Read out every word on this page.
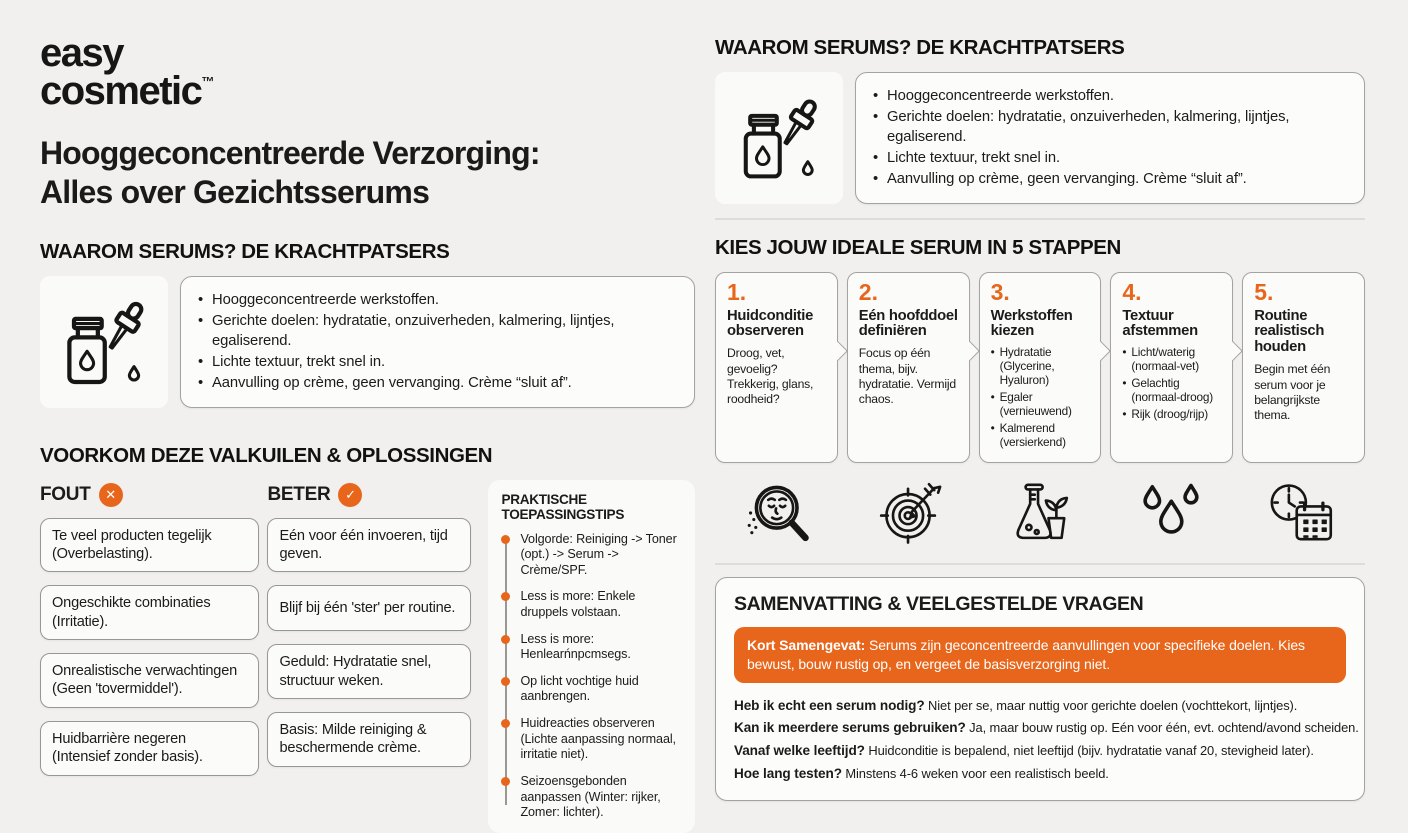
easy
cosmetic™
Hooggeconcentreerde Verzorging:
Alles over Gezichtsserums
WAAROM SERUMS? DE KRACHTPATSERS
• Hooggeconcentreerde werkstoffen.
• Gerichte doelen: hydratatie, onzuiverheden, kalmering, lijntjes, egaliserend.
• Lichte textuur, trekt snel in.
• Aanvulling op crème, geen vervanging. Crème “sluit af”.
VOORKOM DEZE VALKUILEN & OPLOSSINGEN
FOUT	✕
Te veel producten tegelijk (Overbelasting).
Ongeschikte combinaties (Irritatie).
Onrealistische verwachtingen (Geen 'tovermiddel').
Huidbarrière negeren (Intensief zonder basis).
BETER	✓
Eén voor één invoeren, tijd geven.
Blijf bij één 'ster' per routine.
Geduld: Hydratatie snel, structuur weken.
Basis: Milde reiniging & beschermende crème.
PRAKTISCHE TOEPASSINGSTIPS
Volgorde: Reiniging -> Toner (opt.) -> Serum -> Crème/SPF.
Less is more: Enkele druppels volstaan.
Less is more: Henlearńnpcmsegs.
Op licht vochtige huid aanbrengen.
Huidreacties observeren (Lichte aanpassing normaal, irritatie niet).
Seizoensgebonden aanpassen (Winter: rijker, Zomer: lichter).
WAAROM SERUMS? DE KRACHTPATSERS
• Hooggeconcentreerde werkstoffen.
• Gerichte doelen: hydratatie, onzuiverheden, kalmering, lijntjes, egaliserend.
• Lichte textuur, trekt snel in.
• Aanvulling op crème, geen vervanging. Crème “sluit af”.
KIES JOUW IDEALE SERUM IN 5 STAPPEN
1.
Huidconditie observeren
Droog, vet, gevoelig? Trekkerig, glans, roodheid?
2.
Eén hoofddoel definiëren
Focus op één thema, bijv. hydratatie. Vermijd chaos.
3.
Werkstoffen kiezen
• Hydratatie
(Glycerine, Hyaluron)
• Egaler
(vernieuwend)
• Kalmerend
(versierkend)
4.
Textuur afstemmen
• Licht/waterig
(normaal-vet)
• Gelachtig
(normaal-droog)
• Rijk (droog/rijp)
5.
Routine realistisch houden
Begin met één serum voor je belangrijkste thema.
SAMENVATTING & VEELGESTELDE VRAGEN
Kort Samengevat: Serums zijn geconcentreerde aanvullingen voor specifieke doelen. Kies bewust, bouw rustig op, en vergeet de basisverzorging niet.
Heb ik echt een serum nodig? Niet per se, maar nuttig voor gerichte doelen (vochttekort, lijntjes).
Kan ik meerdere serums gebruiken? Ja, maar bouw rustig op. Eén voor één, evt. ochtend/avond scheiden.
Vanaf welke leeftijd? Huidconditie is bepalend, niet leeftijd (bijv. hydratatie vanaf 20, stevigheid later).
Hoe lang testen? Minstens 4-6 weken voor een realistisch beeld.
